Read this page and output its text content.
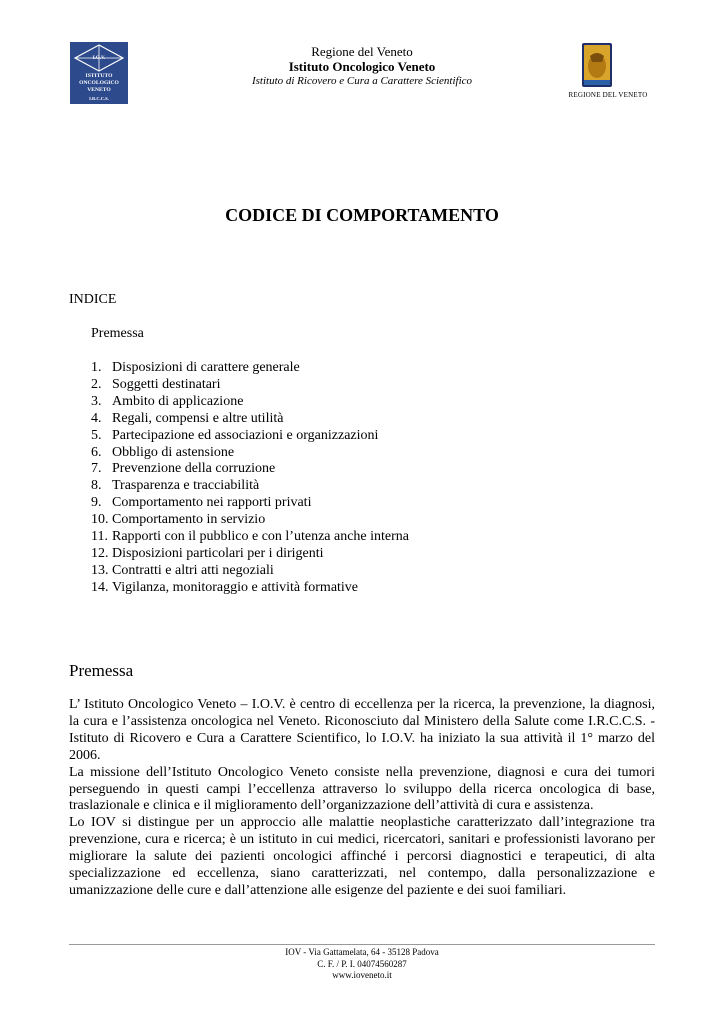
I.O.V.
ISTITUTO
ONCOLOGICO
VENETO
I.R.C.C.S.
Regione del Veneto
Istituto Oncologico Veneto
Istituto di Ricovero e Cura a Carattere Scientifico
REGIONE DEL VENETO
CODICE DI COMPORTAMENTO
INDICE
Premessa
1. Disposizioni di carattere generale
2. Soggetti destinatari
3. Ambito di applicazione
4. Regali, compensi e altre utilità
5. Partecipazione ed associazioni e organizzazioni
6. Obbligo di astensione
7. Prevenzione della corruzione
8. Trasparenza e tracciabilità
9. Comportamento nei rapporti privati
10. Comportamento in servizio
11. Rapporti con il pubblico e con l’utenza anche interna
12. Disposizioni particolari per i dirigenti
13. Contratti e altri atti negoziali
14. Vigilanza, monitoraggio e attività formative
Premessa

L’ Istituto Oncologico Veneto – I.O.V. è centro di eccellenza per la ricerca, la prevenzione, la diagnosi, la cura e l’assistenza oncologica nel Veneto. Riconosciuto dal Ministero della Salute come I.R.C.C.S. - Istituto di Ricovero e Cura a Carattere Scientifico, lo I.O.V. ha iniziato la sua attività il 1° marzo del 2006.

La missione dell’Istituto Oncologico Veneto consiste nella prevenzione, diagnosi e cura dei tumori perseguendo in questi campi l’eccellenza attraverso lo sviluppo della ricerca oncologica di base, traslazionale e clinica e il miglioramento dell’organizzazione dell’attività di cura e assistenza.

Lo IOV si distingue per un approccio alle malattie neoplastiche caratterizzato dall’integrazione tra prevenzione, cura e ricerca; è un istituto in cui medici, ricercatori, sanitari e professionisti lavorano per migliorare la salute dei pazienti oncologici affinché i percorsi diagnostici e terapeutici, di alta specializzazione ed eccellenza, siano caratterizzati, nel contempo, dalla personalizzazione e umanizzazione delle cure e dall’attenzione alle esigenze del paziente e dei suoi familiari.

IOV - Via Gattamelata, 64 - 35128 Padova
C. F. / P. I. 04074560287
www.ioveneto.it
